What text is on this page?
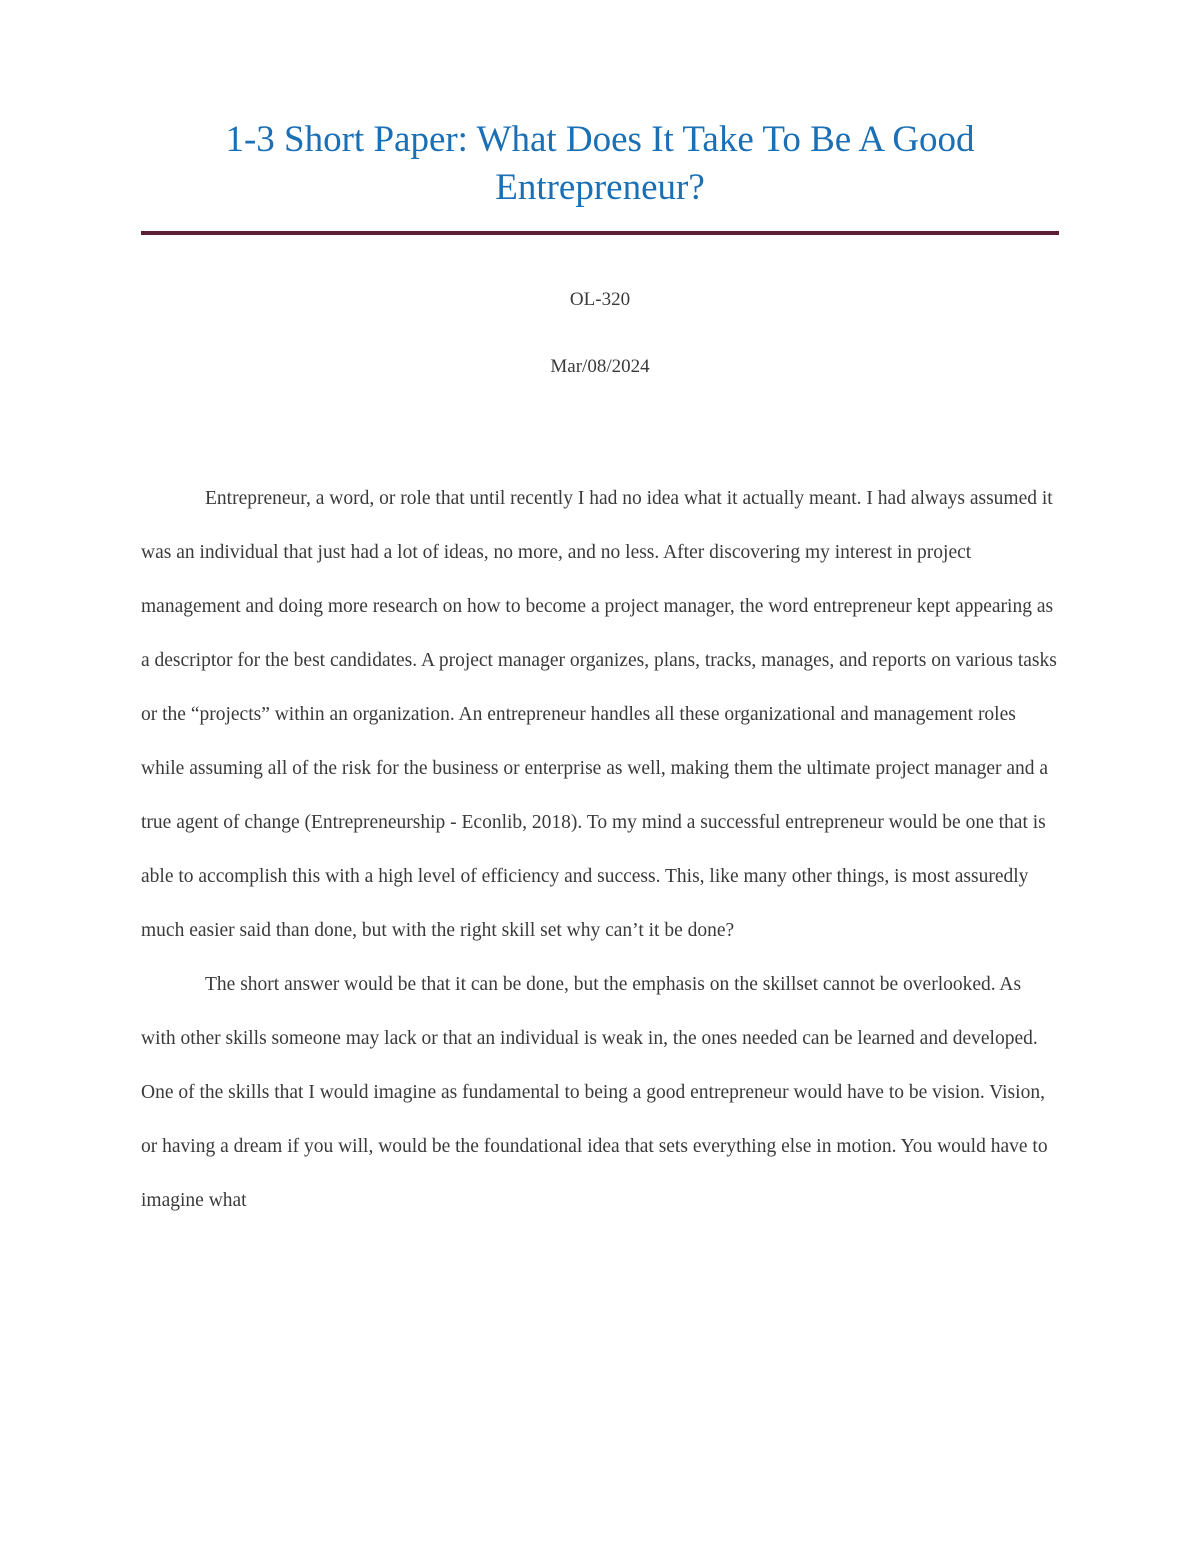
1-3 Short Paper: What Does It Take To Be A Good Entrepreneur?

OL-320

Mar/08/2024

Entrepreneur, a word, or role that until recently I had no idea what it actually meant. I had always assumed it was an individual that just had a lot of ideas, no more, and no less. After discovering my interest in project management and doing more research on how to become a project manager, the word entrepreneur kept appearing as a descriptor for the best candidates. A project manager organizes, plans, tracks, manages, and reports on various tasks or the “projects” within an organization. An entrepreneur handles all these organizational and management roles while assuming all of the risk for the business or enterprise as well, making them the ultimate project manager and a true agent of change (Entrepreneurship - Econlib, 2018). To my mind a successful entrepreneur would be one that is able to accomplish this with a high level of efficiency and success. This, like many other things, is most assuredly much easier said than done, but with the right skill set why can’t it be done?

The short answer would be that it can be done, but the emphasis on the skillset cannot be overlooked. As with other skills someone may lack or that an individual is weak in, the ones needed can be learned and developed. One of the skills that I would imagine as fundamental to being a good entrepreneur would have to be vision. Vision, or having a dream if you will, would be the foundational idea that sets everything else in motion. You would have to imagine what
